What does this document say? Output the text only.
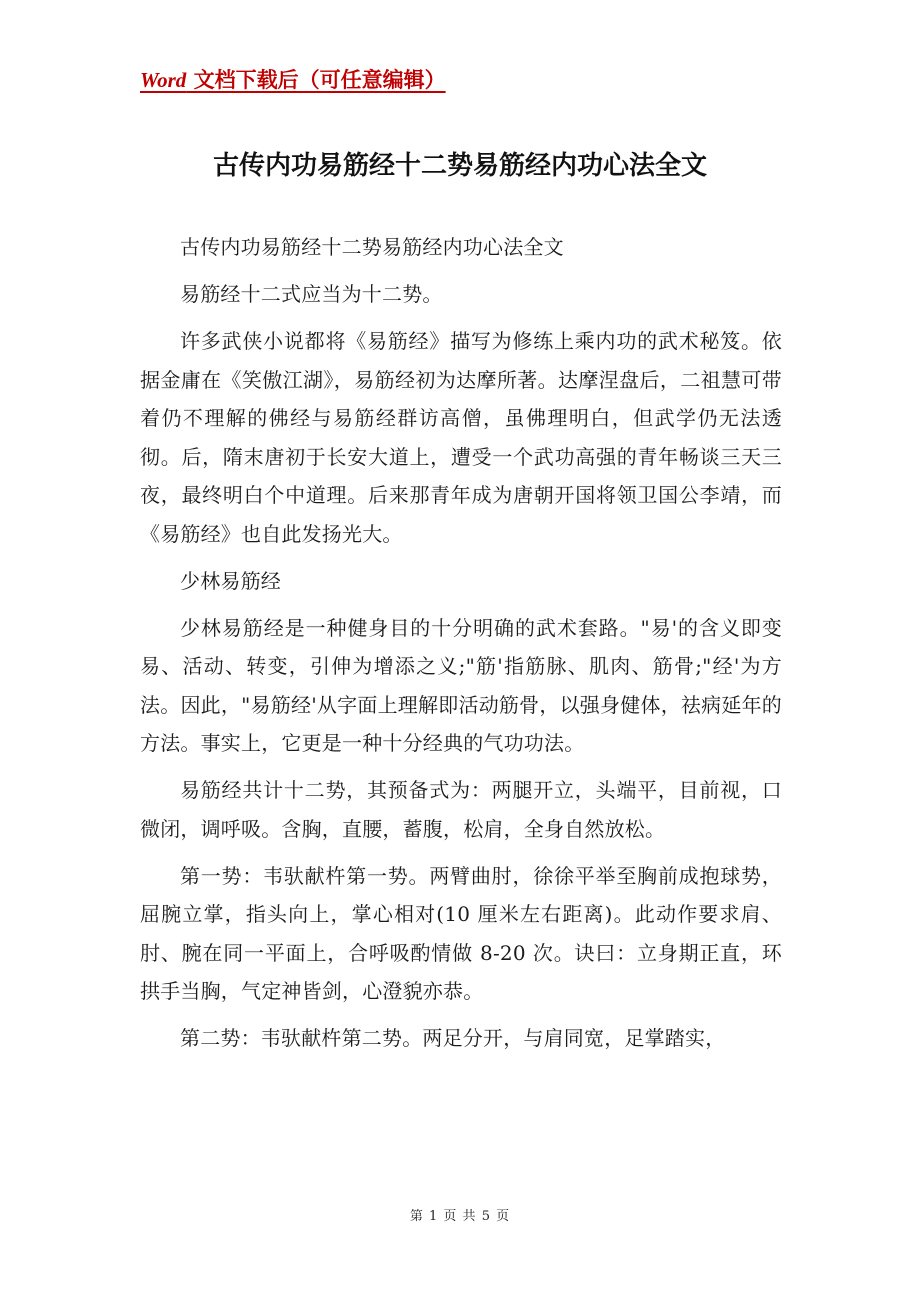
Word 文档下载后（可任意编辑）
古传内功易筋经十二势易筋经内功心法全文

古传内功易筋经十二势易筋经内功心法全文

易筋经十二式应当为十二势。

许多武侠小说都将《易筋经》描写为修练上乘内功的武术秘笈。依据金庸在《笑傲江湖》，易筋经初为达摩所著。达摩涅盘后，二祖慧可带着仍不理解的佛经与易筋经群访高僧，虽佛理明白，但武学仍无法透彻。后，隋末唐初于长安大道上，遭受一个武功高强的青年畅谈三天三夜，最终明白个中道理。后来那青年成为唐朝开国将领卫国公李靖，而《易筋经》也自此发扬光大。

少林易筋经

少林易筋经是一种健身目的十分明确的武术套路。"易'的含义即变易、活动、转变，引伸为增添之义;"筋'指筋脉、肌肉、筋骨;"经'为方法。因此，"易筋经'从字面上理解即活动筋骨，以强身健体，祛病延年的方法。事实上，它更是一种十分经典的气功功法。

易筋经共计十二势，其预备式为：两腿开立，头端平，目前视，口微闭，调呼吸。含胸，直腰，蓄腹，松肩，全身自然放松。

第一势：韦驮献杵第一势。两臂曲肘，徐徐平举至胸前成抱球势，屈腕立掌，指头向上，掌心相对(10 厘米左右距离)。此动作要求肩、肘、腕在同一平面上，合呼吸酌情做 8-20 次。诀曰：立身期正直，环拱手当胸，气定神皆剑，心澄貌亦恭。

第二势：韦驮献杵第二势。两足分开，与肩同宽，足掌踏实，

第 1 页 共 5 页
